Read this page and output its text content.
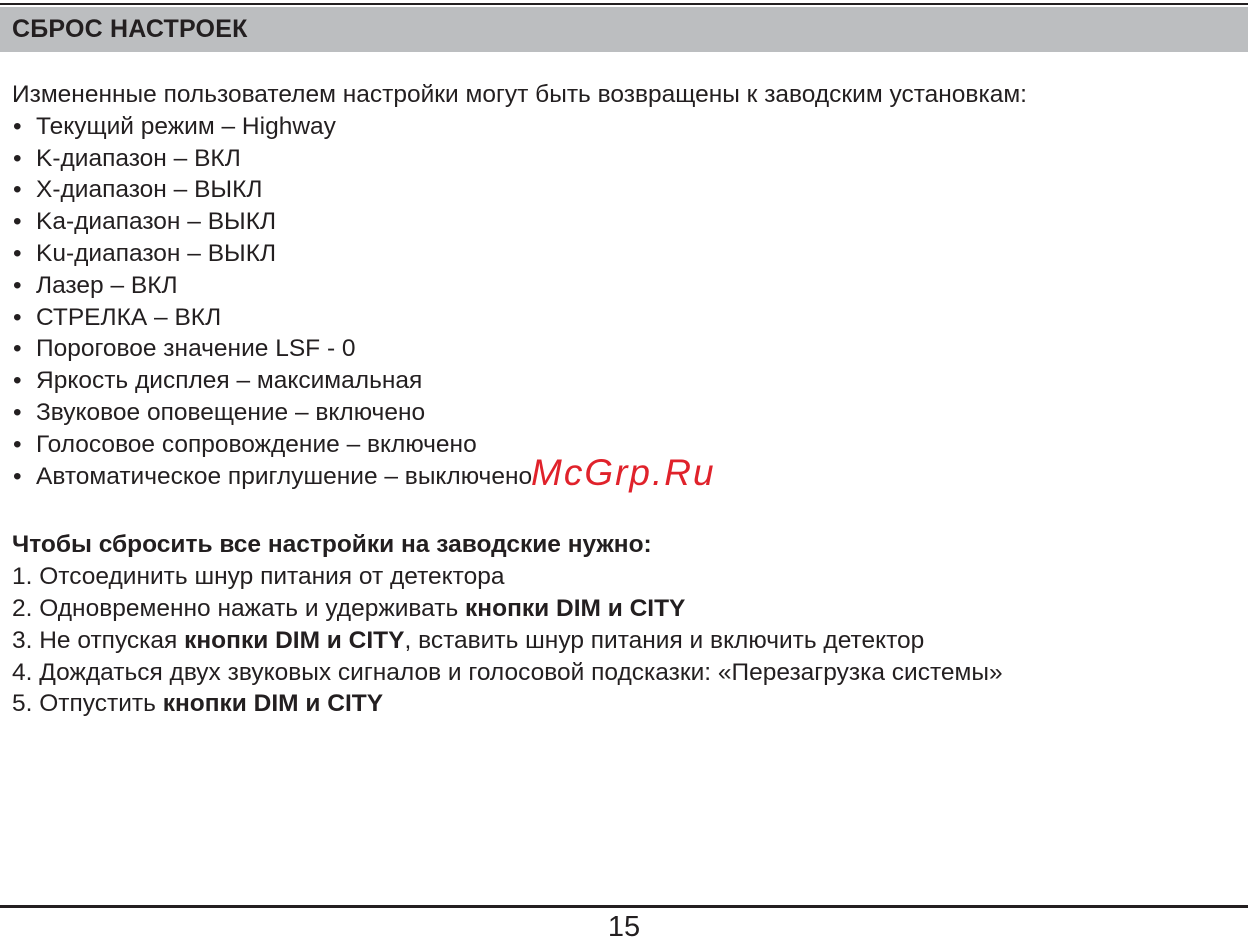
СБРОС НАСТРОЕК
Измененные пользователем настройки могут быть возвращены к заводским установкам:
• Текущий режим – Highway
• K-диапазон – ВКЛ
• X-диапазон – ВЫКЛ
• Ka-диапазон – ВЫКЛ
• Ku-диапазон – ВЫКЛ
• Лазер – ВКЛ
• СТРЕЛКА – ВКЛ
• Пороговое значение LSF - 0
• Яркость дисплея – максимальная
• Звуковое оповещение – включено
• Голосовое сопровождение – включено
• Автоматическое приглушение – выключено
Чтобы сбросить все настройки на заводские нужно:
1. Отсоединить шнур питания от детектора
2. Одновременно нажать и удерживать кнопки DIM и CITY
3. Не отпуская кнопки DIM и CITY, вставить шнур питания и включить детектор
4. Дождаться двух звуковых сигналов и голосовой подсказки: «Перезагрузка системы»
5. Отпустить кнопки DIM и CITY
McGrp.Ru
15
